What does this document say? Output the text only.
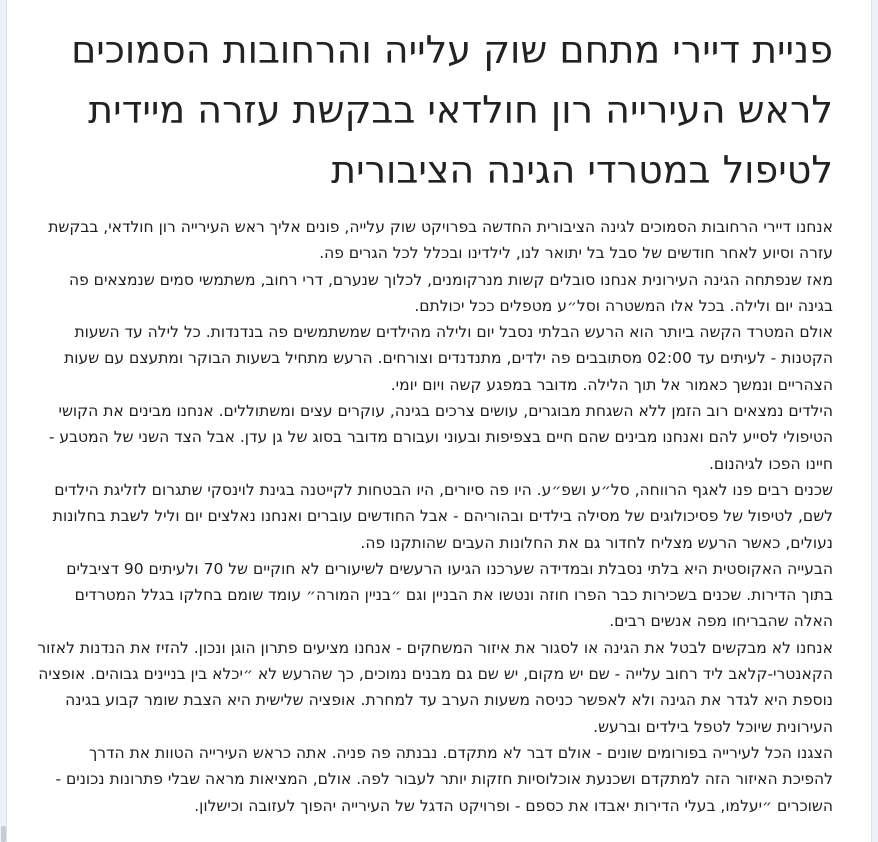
פניית דיירי מתחם שוק עלייה והרחובות הסמוכים לראש העירייה רון חולדאי בבקשת עזרה מיידית לטיפול במטרדי הגינה הציבורית

אנחנו דיירי הרחובות הסמוכים לגינה הציבורית החדשה בפרויקט שוק עלייה, פונים אליך ראש העירייה רון חולדאי, בבקשת עזרה וסיוע לאחר חודשים של סבל בל יתואר לנו, לילדינו ובכלל לכל הגרים פה.

מאז שנפתחה הגינה העירונית אנחנו סובלים קשות מנרקומנים, לכלוך שנערם, דרי רחוב, משתמשי סמים שנמצאים פה בגינה יום ולילה. בכל אלו המשטרה וסל״ע מטפלים ככל יכולתם.

אולם המטרד הקשה ביותר הוא הרעש הבלתי נסבל יום ולילה מהילדים שמשתמשים פה בנדנדות. כל לילה עד השעות הקטנות - לעיתים עד 02:00 מסתובבים פה ילדים, מתנדנדים וצורחים. הרעש מתחיל בשעות הבוקר ומתעצם עם שעות הצהריים ונמשך כאמור אל תוך הלילה. מדובר במפגע קשה ויום יומי.

הילדים נמצאים רוב הזמן ללא השגחת מבוגרים, עושים צרכים בגינה, עוקרים עצים ומשתוללים. אנחנו מבינים את הקושי הטיפולי לסייע להם ואנחנו מבינים שהם חיים בצפיפות ובעוני ועבורם מדובר בסוג של גן עדן. אבל הצד השני של המטבע - חיינו הפכו לגיהנום.

שכנים רבים פנו לאגף הרווחה, סל״ע ושפ״ע. היו פה סיורים, היו הבטחות לקייטנה בגינת לוינסקי שתגרום לזליגת הילדים לשם, לטיפול של פסיכולוגים של מסילה בילדים ובהוריהם - אבל החודשים עוברים ואנחנו נאלצים יום וליל לשבת בחלונות נעולים, כאשר הרעש מצליח לחדור גם את החלונות העבים שהותקנו פה.

הבעייה האקוסטית היא בלתי נסבלת ובמדידה שערכנו הגיעו הרעשים לשיעורים לא חוקיים של 70 ולעיתים 90 דציבלים בתוך הדירות. שכנים בשכירות כבר הפרו חוזה ונטשו את הבניין וגם ״בניין המורה״ עומד שומם בחלקו בגלל המטרדים האלה שהבריחו מפה אנשים רבים.

אנחנו לא מבקשים לבטל את הגינה או לסגור את איזור המשחקים - אנחנו מציעים פתרון הוגן ונכון. להזיז את הנדנות לאזור הקאנטרי-קלאב ליד רחוב עלייה - שם יש מקום, יש שם גם מבנים נמוכים, כך שהרעש לא ״יכלא בין בניינים גבוהים. אופציה נוספת היא לגדר את הגינה ולא לאפשר כניסה משעות הערב עד למחרת. אופציה שלישית היא הצבת שומר קבוע בגינה העירונית שיוכל לטפל בילדים וברעש.

הצגנו הכל לעירייה בפורומים שונים - אולם דבר לא מתקדם. נבנתה פה פניה. אתה כראש העירייה הטוות את הדרך להפיכת האיזור הזה למתקדם ושכנעת אוכלוסיות חזקות יותר לעבור לפה. אולם, המציאות מראה שבלי פתרונות נכונים - השוכרים ״יעלמו, בעלי הדירות יאבדו את כספם - ופרויקט הדגל של העירייה יהפוך לעזובה וכישלון.
